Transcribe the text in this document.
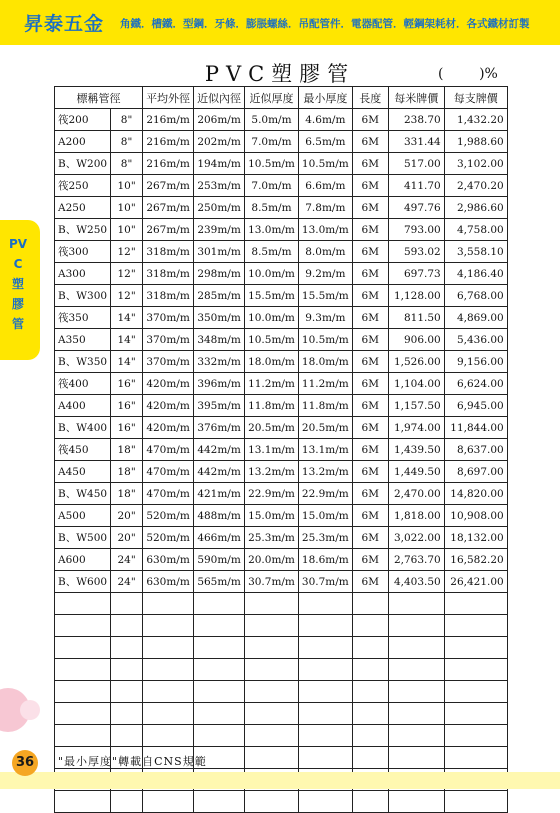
昇泰五金 角鐵．槽鐵．型鋼．牙條．膨脹螺絲．吊配管件．電器配管．輕鋼架耗材．各式鐵材訂製
PVC塑膠管
PVC塑膠管	(        )%
標稱管徑		平均外徑	近似內徑	近似厚度	最小厚度	長度	每米牌價	每支牌價
筏200	8"	216m/m	206m/m	5.0m/m	4.6m/m	6M	238.70	1,432.20
A200	8"	216m/m	202m/m	7.0m/m	6.5m/m	6M	331.44	1,988.60
B、W200	8"	216m/m	194m/m	10.5m/m	10.5m/m	6M	517.00	3,102.00
筏250	10"	267m/m	253m/m	7.0m/m	6.6m/m	6M	411.70	2,470.20
A250	10"	267m/m	250m/m	8.5m/m	7.8m/m	6M	497.76	2,986.60
B、W250	10"	267m/m	239m/m	13.0m/m	13.0m/m	6M	793.00	4,758.00
筏300	12"	318m/m	301m/m	8.5m/m	8.0m/m	6M	593.02	3,558.10
A300	12"	318m/m	298m/m	10.0m/m	9.2m/m	6M	697.73	4,186.40
B、W300	12"	318m/m	285m/m	15.5m/m	15.5m/m	6M	1,128.00	6,768.00
筏350	14"	370m/m	350m/m	10.0m/m	9.3m/m	6M	811.50	4,869.00
A350	14"	370m/m	348m/m	10.5m/m	10.5m/m	6M	906.00	5,436.00
B、W350	14"	370m/m	332m/m	18.0m/m	18.0m/m	6M	1,526.00	9,156.00
筏400	16"	420m/m	396m/m	11.2m/m	11.2m/m	6M	1,104.00	6,624.00
A400	16"	420m/m	395m/m	11.8m/m	11.8m/m	6M	1,157.50	6,945.00
B、W400	16"	420m/m	376m/m	20.5m/m	20.5m/m	6M	1,974.00	11,844.00
筏450	18"	470m/m	442m/m	13.1m/m	13.1m/m	6M	1,439.50	8,637.00
A450	18"	470m/m	442m/m	13.2m/m	13.2m/m	6M	1,449.50	8,697.00
B、W450	18"	470m/m	421m/m	22.9m/m	22.9m/m	6M	2,470.00	14,820.00
A500	20"	520m/m	488m/m	15.0m/m	15.0m/m	6M	1,818.00	10,908.00
B、W500	20"	520m/m	466m/m	25.3m/m	25.3m/m	6M	3,022.00	18,132.00
A600	24"	630m/m	590m/m	20.0m/m	18.6m/m	6M	2,763.70	16,582.20
B、W600	24"	630m/m	565m/m	30.7m/m	30.7m/m	6M	4,403.50	26,421.00

36	"最小厚度"轉載自CNS規範
